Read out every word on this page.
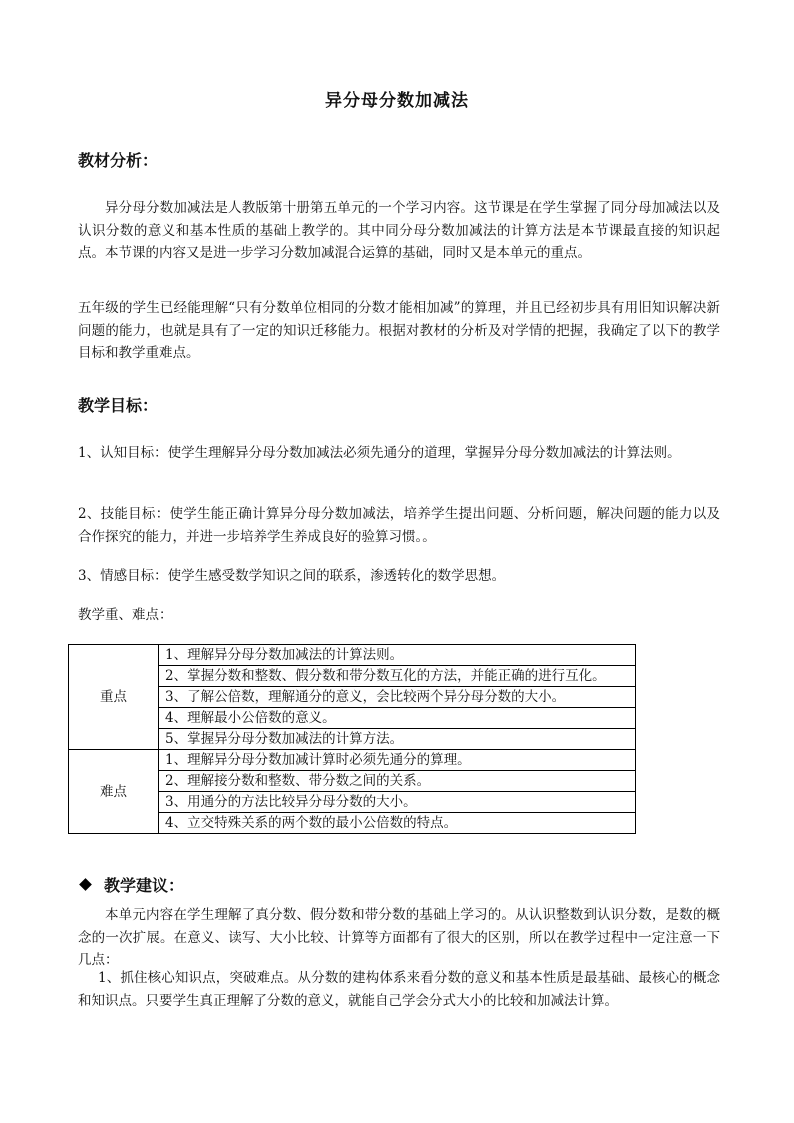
异分母分数加减法
教材分析：
异分母分数加减法是人教版第十册第五单元的一个学习内容。这节课是在学生掌握了同分母加减法以及认识分数的意义和基本性质的基础上教学的。其中同分母分数加减法的计算方法是本节课最直接的知识起点。本节课的内容又是进一步学习分数加减混合运算的基础，同时又是本单元的重点。
五年级的学生已经能理解“只有分数单位相同的分数才能相加减”的算理，并且已经初步具有用旧知识解决新问题的能力，也就是具有了一定的知识迁移能力。根据对教材的分析及对学情的把握，我确定了以下的教学目标和教学重难点。
教学目标：
1、认知目标：使学生理解异分母分数加减法必须先通分的道理，掌握异分母分数加减法的计算法则。
2、技能目标：使学生能正确计算异分母分数加减法，培养学生提出问题、分析问题，解决问题的能力以及合作探究的能力，并进一步培养学生养成良好的验算习惯。。
3、情感目标：使学生感受数学知识之间的联系，渗透转化的数学思想。
教学重、难点：
重点	1、理解异分母分数加减法的计算法则。
	2、掌握分数和整数、假分数和带分数互化的方法，并能正确的进行互化。

	3、了解公倍数，理解通分的意义，会比较两个异分母分数的大小。
	4、理解最小公倍数的意义。
	5、掌握异分母分数加减法的计算方法。
难点	1、理解异分母分数加减计算时必须先通分的算理。
	2、理解接分数和整数、带分数之间的关系。
	3、用通分的方法比较异分母分数的大小。
	4、立交特殊关系的两个数的最小公倍数的特点。
教学建议：
本单元内容在学生理解了真分数、假分数和带分数的基础上学习的。从认识整数到认识分数，是数的概念的一次扩展。在意义、读写、大小比较、计算等方面都有了很大的区别，所以在教学过程中一定注意一下几点：
1、抓住核心知识点，突破难点。从分数的建构体系来看分数的意义和基本性质是最基础、最核心的概念和知识点。只要学生真正理解了分数的意义，就能自己学会分式大小的比较和加减法计算。
